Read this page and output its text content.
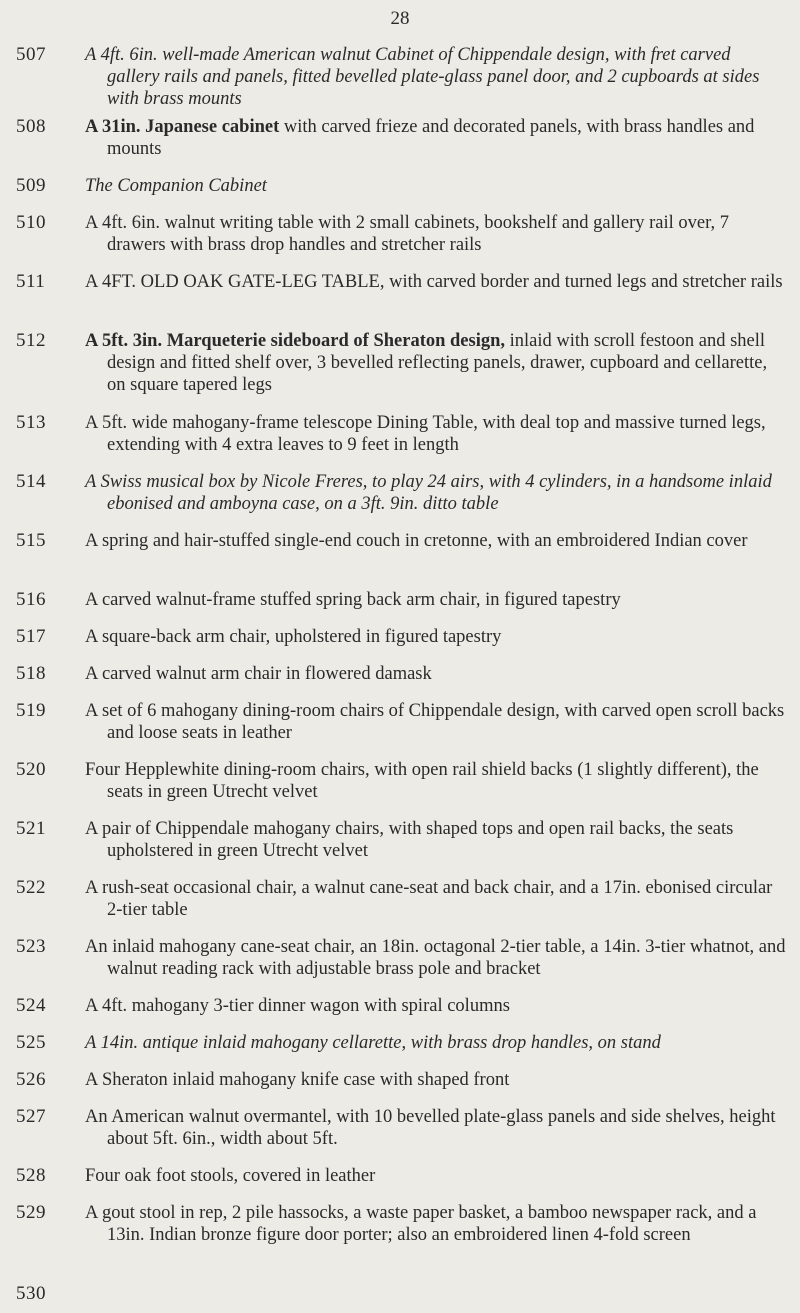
28
507	A 4ft. 6in. well-made American walnut Cabinet of Chippendale design, with fret carved gallery rails and panels, fitted bevelled plate-glass panel door, and 2 cupboards at sides with brass mounts
508	A 31in. Japanese cabinet with carved frieze and decorated panels, with brass handles and mounts
509	The Companion Cabinet
510	A 4ft. 6in. walnut writing table with 2 small cabinets, bookshelf and gallery rail over, 7 drawers with brass drop handles and stretcher rails
511	A 4FT. OLD OAK GATE-LEG TABLE, with carved border and turned legs and stretcher rails
512	A 5ft. 3in. Marqueterie sideboard of Sheraton design, inlaid with scroll festoon and shell design and fitted shelf over, 3 bevelled reflecting panels, drawer, cupboard and cellarette, on square tapered legs
513	A 5ft. wide mahogany-frame telescope Dining Table, with deal top and massive turned legs, extending with 4 extra leaves to 9 feet in length
514	A Swiss musical box by Nicole Freres, to play 24 airs, with 4 cylinders, in a handsome inlaid ebonised and amboyna case, on a 3ft. 9in. ditto table
515	A spring and hair-stuffed single-end couch in cretonne, with an embroidered Indian cover
516	A carved walnut-frame stuffed spring back arm chair, in figured tapestry
517	A square-back arm chair, upholstered in figured tapestry
518	A carved walnut arm chair in flowered damask
519	A set of 6 mahogany dining-room chairs of Chippendale design, with carved open scroll backs and loose seats in leather
520	Four Hepplewhite dining-room chairs, with open rail shield backs (1 slightly different), the seats in green Utrecht velvet
521	A pair of Chippendale mahogany chairs, with shaped tops and open rail backs, the seats upholstered in green Utrecht velvet
522	A rush-seat occasional chair, a walnut cane-seat and back chair, and a 17in. ebonised circular 2-tier table
523	An inlaid mahogany cane-seat chair, an 18in. octagonal 2-tier table, a 14in. 3-tier whatnot, and walnut reading rack with adjustable brass pole and bracket
524	A 4ft. mahogany 3-tier dinner wagon with spiral columns
525	A 14in. antique inlaid mahogany cellarette, with brass drop handles, on stand
526	A Sheraton inlaid mahogany knife case with shaped front
527	An American walnut overmantel, with 10 bevelled plate-glass panels and side shelves, height about 5ft. 6in., width about 5ft.
528	Four oak foot stools, covered in leather
529	A gout stool in rep, 2 pile hassocks, a waste paper basket, a bamboo newspaper rack, and a 13in. Indian bronze figure door porter; also an embroidered linen 4-fold screen
530
